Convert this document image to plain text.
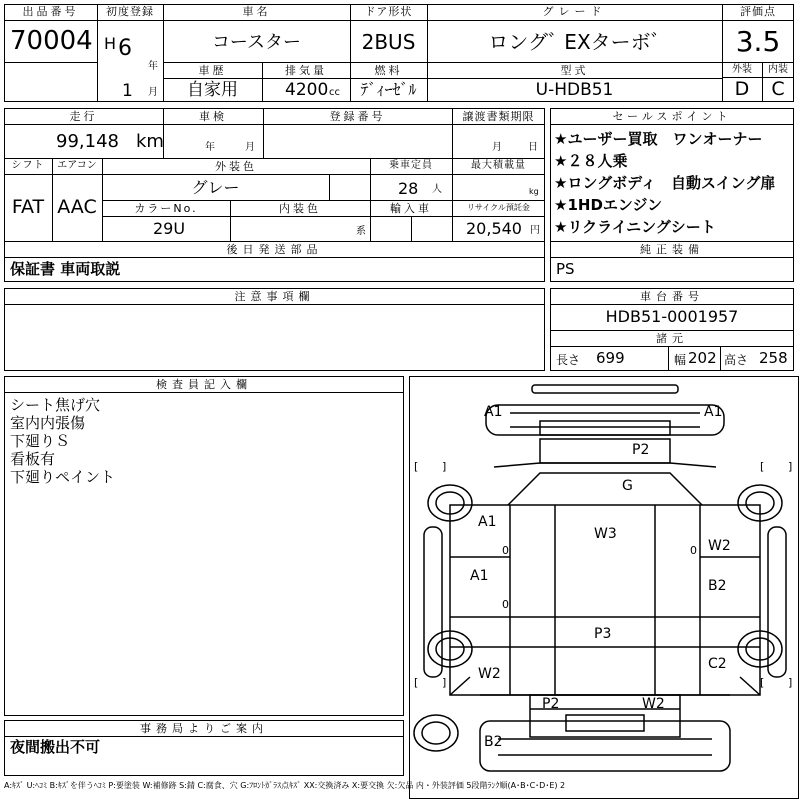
出品番号
70004
初度登録
H 6
年
1 月
車名
コースター
ドア形状
2BUS
グレード
ロングﾞ EXターボﾞ
評価点
3.5
外装	内装
D	C
車歴
自家用
排気量
4200 cc
燃料
ﾃﾞｨｰｾﾞﾙ
型式
U-HDB51
走行
99,148 km
車検
年	月
登録番号	譲渡書類期限
月	日
シフト
FAT
エアコン
AAC
外装色
グレー
乗車定員
28 人
最大積載量
kg
カラーNo.
29U
内装色
系
輸入車	リサイクル預託金
20,540 円
セールスポイント
★ユーザー買取　ワンオーナー
★２８人乗
★ロングボディ　自動スイング扉
★1HDエンジン
★リクライニングシート
後日発送部品
保証書 車両取説
純正装備
PS
注意事項欄	車台番号
HDB51-0001957
諸元
長さ 699	幅 202 高さ 258
検査員記入欄
シート焦げ穴
室内内張傷
下廻りＳ
看板有
下廻りペイント
事務局よりご案内
夜間搬出不可
[ ]	[ ]
[ ]	[ ]
A1	A1
P2
G
A1
W3
W2
A1
B2
P3
W2
C2
P2	W2
B2
0
0
0
A:ｷｽﾞ U:ﾍｺﾐ B:ｷｽﾞを伴うﾍｺﾐ P:要塗装 W:補修跡 S:錆 C:腐食、穴 G:ﾌﾛﾝﾄｶﾞﾗｽ点ｷｽﾞ XX:交換済み X:要交換 欠:欠品 内・外装評価 5段階ﾗﾝｸ順(A･B･C･D･E) 2
